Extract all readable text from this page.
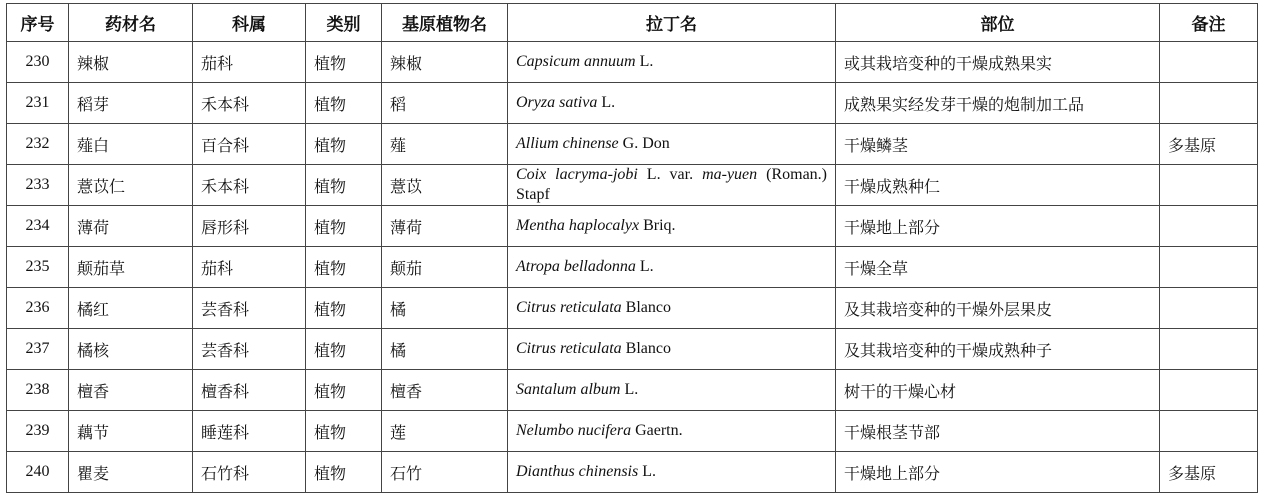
序号	药材名	科属	类别	基原植物名	拉丁名	部位	备注
230	辣椒	茄科	植物	辣椒	Capsicum annuum L.	或其栽培变种的干燥成熟果实	
231	稻芽	禾本科	植物	稻	Oryza sativa L.	成熟果实经发芽干燥的炮制加工品	
232	薤白	百合科	植物	薤	Allium chinense G. Don	干燥鳞茎	多基原
233	薏苡仁	禾本科	植物	薏苡	Coix lacryma-jobi L. var. ma-yuen (Roman.) Stapf	干燥成熟种仁	
234	薄荷	唇形科	植物	薄荷	Mentha haplocalyx Briq.	干燥地上部分	
235	颠茄草	茄科	植物	颠茄	Atropa belladonna L.	干燥全草	
236	橘红	芸香科	植物	橘	Citrus reticulata Blanco	及其栽培变种的干燥外层果皮	
237	橘核	芸香科	植物	橘	Citrus reticulata Blanco	及其栽培变种的干燥成熟种子	
238	檀香	檀香科	植物	檀香	Santalum album L.	树干的干燥心材	
239	藕节	睡莲科	植物	莲	Nelumbo nucifera Gaertn.	干燥根茎节部	
240	瞿麦	石竹科	植物	石竹	Dianthus chinensis L.	干燥地上部分	多基原
